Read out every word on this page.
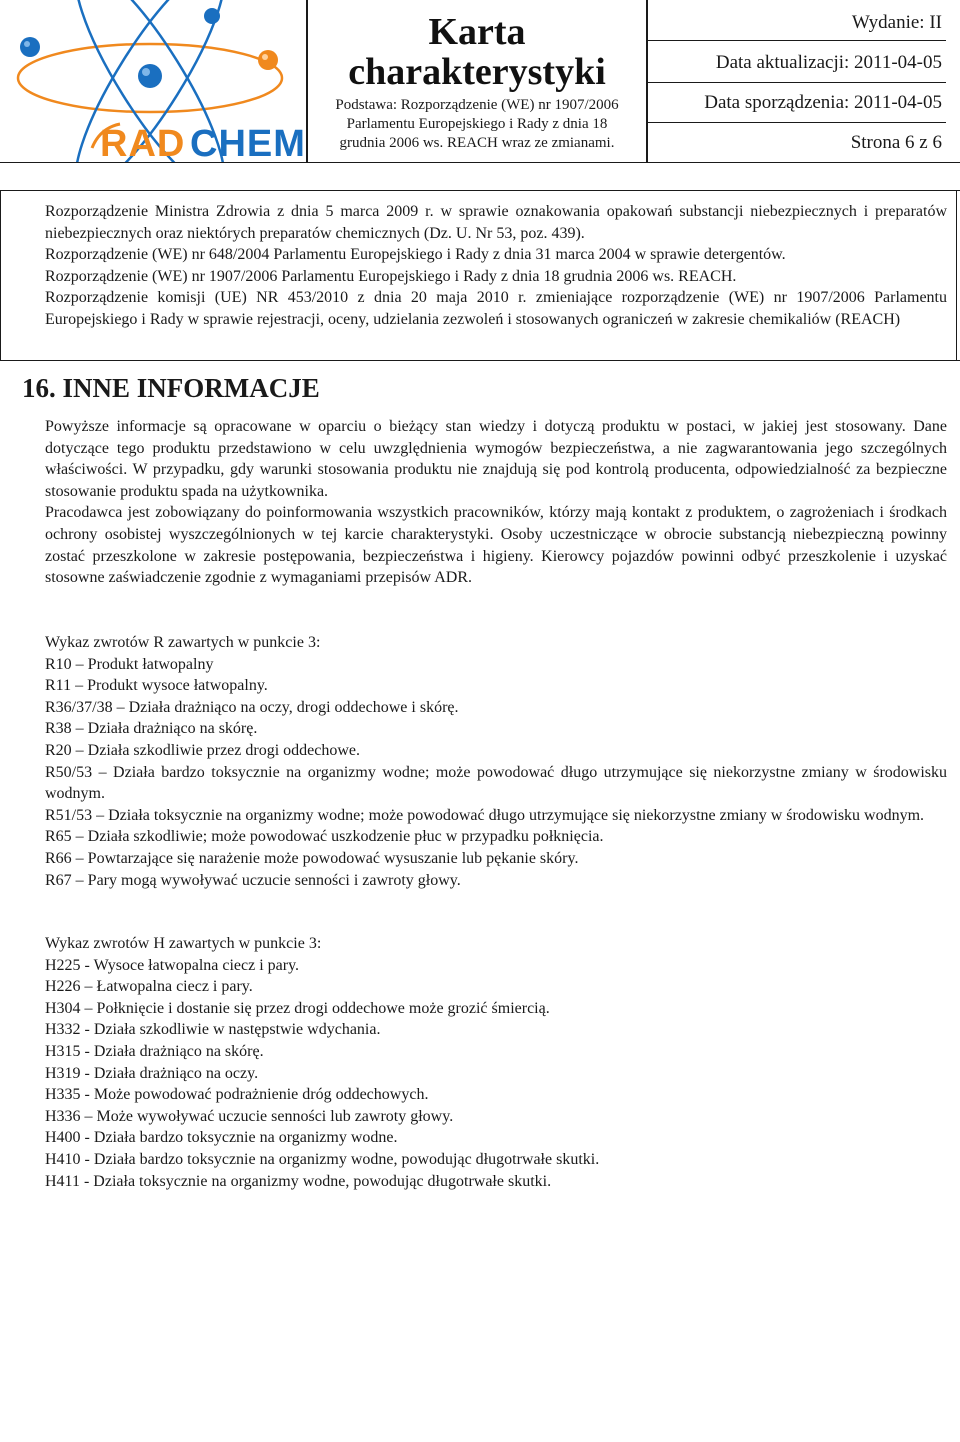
RAD CHEM
Karta
charakterystyki
Podstawa: Rozporządzenie (WE) nr 1907/2006
Parlamentu Europejskiego i Rady z dnia 18
grudnia 2006 ws. REACH wraz ze zmianami.
Wydanie: II
Data aktualizacji: 2011-04-05
Data sporządzenia: 2011-04-05
Strona 6 z 6

Rozporządzenie Ministra Zdrowia z dnia 5 marca 2009 r. w sprawie oznakowania opakowań substancji niebezpiecznych i preparatów niebezpiecznych oraz niektórych preparatów chemicznych (Dz. U. Nr 53, poz. 439).

Rozporządzenie (WE) nr 648/2004 Parlamentu Europejskiego i Rady z dnia 31 marca 2004 w sprawie detergentów.

Rozporządzenie (WE) nr 1907/2006 Parlamentu Europejskiego i Rady z dnia 18 grudnia 2006 ws. REACH.

Rozporządzenie komisji (UE) NR 453/2010 z dnia 20 maja 2010 r. zmieniające rozporządzenie (WE) nr 1907/2006 Parlamentu Europejskiego i Rady w sprawie rejestracji, oceny, udzielania zezwoleń i stosowanych ograniczeń w zakresie chemikaliów (REACH)

16. INNE INFORMACJE

Powyższe informacje są opracowane w oparciu o bieżący stan wiedzy i dotyczą produktu w postaci, w jakiej jest stosowany. Dane dotyczące tego produktu przedstawiono w celu uwzględnienia wymogów bezpieczeństwa, a nie zagwarantowania jego szczególnych właściwości. W przypadku, gdy warunki stosowania produktu nie znajdują się pod kontrolą producenta, odpowiedzialność za bezpieczne stosowanie produktu spada na użytkownika.

Pracodawca jest zobowiązany do poinformowania wszystkich pracowników, którzy mają kontakt z produktem, o zagrożeniach i środkach ochrony osobistej wyszczególnionych w tej karcie charakterystyki. Osoby uczestniczące w obrocie substancją niebezpieczną powinny zostać przeszkolone w zakresie postępowania, bezpieczeństwa i higieny. Kierowcy pojazdów powinni odbyć przeszkolenie i uzyskać stosowne zaświadczenie zgodnie z wymaganiami przepisów ADR.

Wykaz zwrotów R zawartych w punkcie 3:

R10 – Produkt łatwopalny

R11 – Produkt wysoce łatwopalny.

R36/37/38 – Działa drażniąco na oczy, drogi oddechowe i skórę.

R38 – Działa drażniąco na skórę.

R20 – Działa szkodliwie przez drogi oddechowe.

R50/53 – Działa bardzo toksycznie na organizmy wodne; może powodować długo utrzymujące się niekorzystne zmiany w środowisku wodnym.

R51/53 – Działa toksycznie na organizmy wodne; może powodować długo utrzymujące się niekorzystne zmiany w środowisku wodnym.

R65 – Działa szkodliwie; może powodować uszkodzenie płuc w przypadku połknięcia.

R66 – Powtarzające się narażenie może powodować wysuszanie lub pękanie skóry.

R67 – Pary mogą wywoływać uczucie senności i zawroty głowy.

Wykaz zwrotów H zawartych w punkcie 3:

H225 - Wysoce łatwopalna ciecz i pary.

H226 – Łatwopalna ciecz i pary.

H304 – Połknięcie i dostanie się przez drogi oddechowe może grozić śmiercią.

H332 - Działa szkodliwie w następstwie wdychania.

H315 - Działa drażniąco na skórę.

H319 - Działa drażniąco na oczy.

H335 - Może powodować podrażnienie dróg oddechowych.

H336 – Może wywoływać uczucie senności lub zawroty głowy.

H400 - Działa bardzo toksycznie na organizmy wodne.

H410 - Działa bardzo toksycznie na organizmy wodne, powodując długotrwałe skutki.

H411 - Działa toksycznie na organizmy wodne, powodując długotrwałe skutki.
